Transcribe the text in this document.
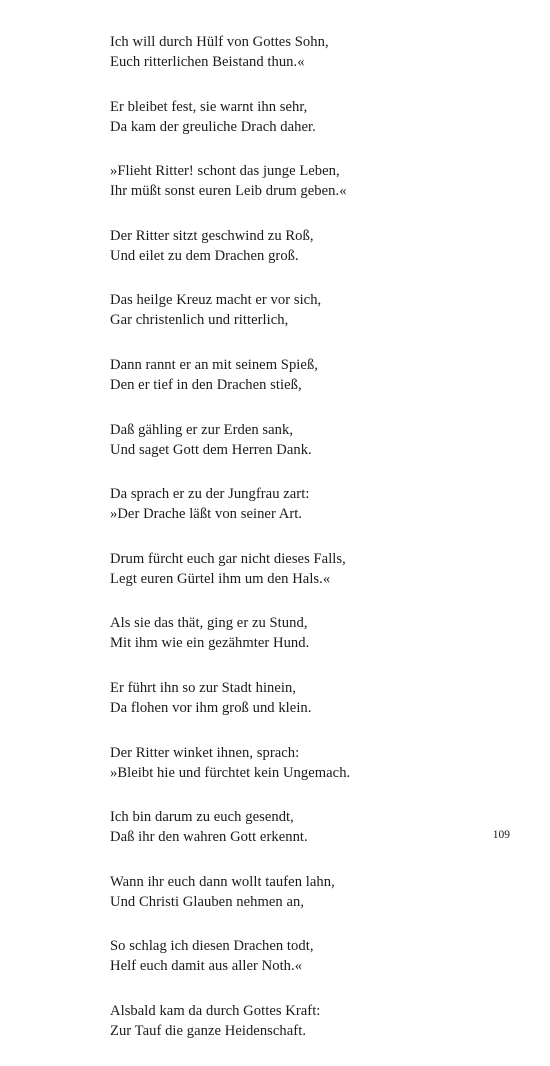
Ich will durch Hülf von Gottes Sohn,
Euch ritterlichen Beistand thun.«
Er bleibet fest, sie warnt ihn sehr,
Da kam der greuliche Drach daher.
»Flieht Ritter! schont das junge Leben,
Ihr müßt sonst euren Leib drum geben.«
Der Ritter sitzt geschwind zu Roß,
Und eilet zu dem Drachen groß.
Das heilge Kreuz macht er vor sich,
Gar christenlich und ritterlich,
Dann rannt er an mit seinem Spieß,
Den er tief in den Drachen stieß,
Daß gähling er zur Erden sank,
Und saget Gott dem Herren Dank.
Da sprach er zu der Jungfrau zart:
»Der Drache läßt von seiner Art.
Drum fürcht euch gar nicht dieses Falls,
Legt euren Gürtel ihm um den Hals.«
Als sie das thät, ging er zu Stund,
Mit ihm wie ein gezähmter Hund.
Er führt ihn so zur Stadt hinein,
Da flohen vor ihm groß und klein.
Der Ritter winket ihnen, sprach:
»Bleibt hie und fürchtet kein Ungemach.
Ich bin darum zu euch gesendt,
Daß ihr den wahren Gott erkennt.
Wann ihr euch dann wollt taufen lahn,
Und Christi Glauben nehmen an,
So schlag ich diesen Drachen todt,
Helf euch damit aus aller Noth.«
Alsbald kam da durch Gottes Kraft:
Zur Tauf die ganze Heidenschaft.
109
